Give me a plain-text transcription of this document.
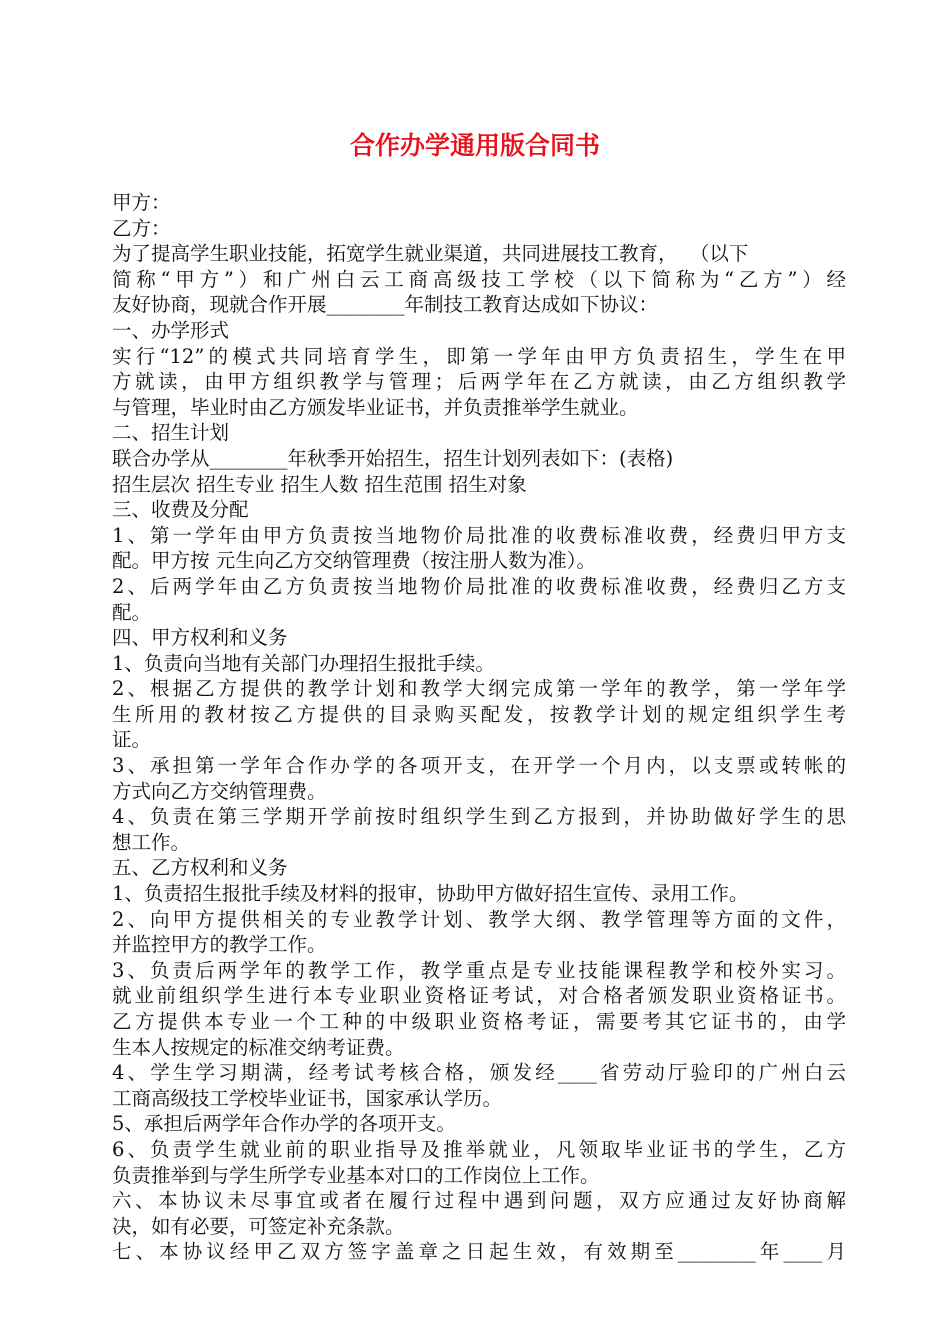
合作办学通用版合同书
甲方：
乙方：
为了提高学生职业技能，拓宽学生就业渠道，共同进展技工教育，  （以下
简称“甲方”）和广州白云工商高级技工学校（以下简称为“乙方”）经
友好协商，现就合作开展________年制技工教育达成如下协议：
一、办学形式
实行“12”的模式共同培育学生，即第一学年由甲方负责招生，学生在甲
方就读，由甲方组织教学与管理；后两学年在乙方就读，由乙方组织教学
与管理，毕业时由乙方颁发毕业证书，并负责推举学生就业。
二、招生计划
联合办学从________年秋季开始招生，招生计划列表如下：(表格)
招生层次 招生专业 招生人数 招生范围 招生对象
三、收费及分配
1、第一学年由甲方负责按当地物价局批准的收费标准收费，经费归甲方支
配。甲方按 元生向乙方交纳管理费（按注册人数为准）。
2、后两学年由乙方负责按当地物价局批准的收费标准收费，经费归乙方支
配。
四、甲方权利和义务
1、负责向当地有关部门办理招生报批手续。
2、根据乙方提供的教学计划和教学大纲完成第一学年的教学，第一学年学
生所用的教材按乙方提供的目录购买配发，按教学计划的规定组织学生考
证。
3、承担第一学年合作办学的各项开支，在开学一个月内，以支票或转帐的
方式向乙方交纳管理费。
4、负责在第三学期开学前按时组织学生到乙方报到，并协助做好学生的思
想工作。
五、乙方权利和义务
1、负责招生报批手续及材料的报审，协助甲方做好招生宣传、录用工作。
2、向甲方提供相关的专业教学计划、教学大纲、教学管理等方面的文件，
并监控甲方的教学工作。
3、负责后两学年的教学工作，教学重点是专业技能课程教学和校外实习。
就业前组织学生进行本专业职业资格证考试，对合格者颁发职业资格证书。
乙方提供本专业一个工种的中级职业资格考证，需要考其它证书的，由学
生本人按规定的标准交纳考证费。
4、学生学习期满，经考试考核合格，颁发经____省劳动厅验印的广州白云
工商高级技工学校毕业证书，国家承认学历。
5、承担后两学年合作办学的各项开支。
6、负责学生就业前的职业指导及推举就业，凡领取毕业证书的学生，乙方
负责推举到与学生所学专业基本对口的工作岗位上工作。
六、本协议未尽事宜或者在履行过程中遇到问题，双方应通过友好协商解
决，如有必要，可签定补充条款。
七、本协议经甲乙双方签字盖章之日起生效，有效期至________年____月
